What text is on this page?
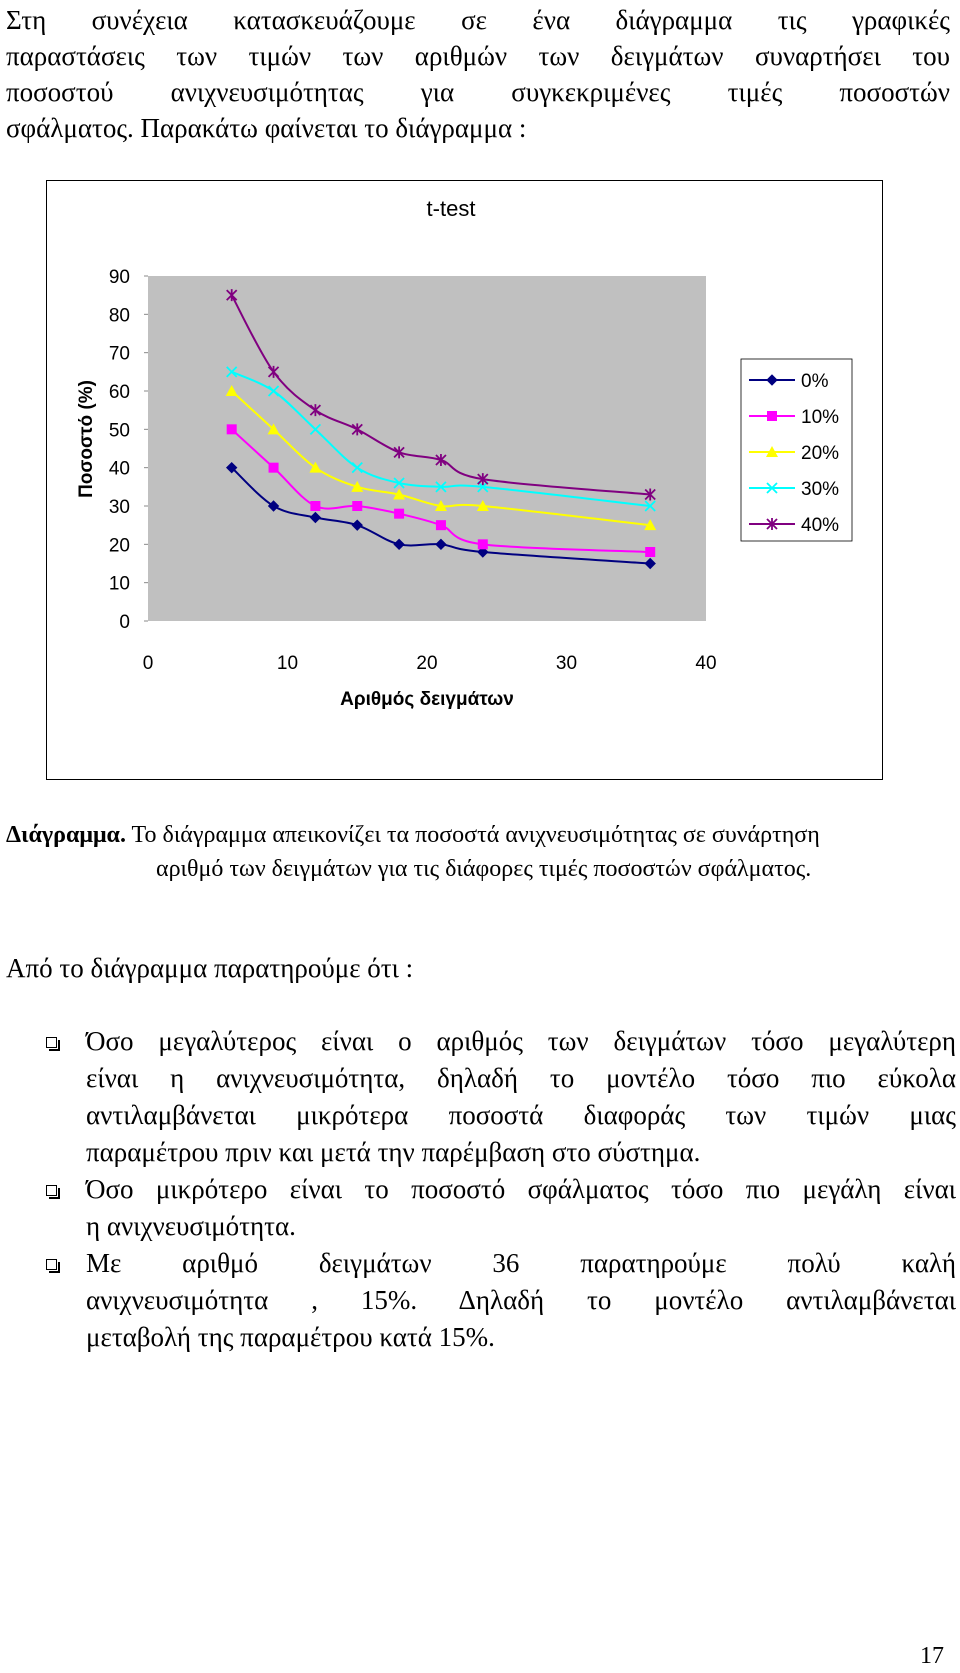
Στη συνέχεια κατασκευάζουμε σε ένα διάγραμμα τις γραφικές
παραστάσεις των τιμών των αριθμών των δειγμάτων συναρτήσει του
ποσοστού ανιχνευσιμότητας για συγκεκριμένες τιμές ποσοστών
σφάλματος. Παρακάτω φαίνεται το διάγραμμα :
t-test
0
10
20
30
40
50
60
70
80
90
0	10	20	30	40
Αριθμός δειγμάτων
Ποσοστό (%)	0%
10%
20%
30%
40%
Διάγραμμα. Το διάγραμμα απεικονίζει τα ποσοστά ανιχνευσιμότητας σε συνάρτηση
αριθμό των δειγμάτων για τις διάφορες τιμές ποσοστών σφάλματος.
Από το διάγραμμα παρατηρούμε ότι :
Όσο μεγαλύτερος είναι ο αριθμός των δειγμάτων τόσο μεγαλύτερη
είναι η ανιχνευσιμότητα, δηλαδή το μοντέλο τόσο πιο εύκολα
αντιλαμβάνεται μικρότερα ποσοστά διαφοράς των τιμών μιας
παραμέτρου πριν και μετά την παρέμβαση στο σύστημα.
Όσο μικρότερο είναι το ποσοστό σφάλματος τόσο πιο μεγάλη είναι
η ανιχνευσιμότητα.
Με αριθμό δειγμάτων 36 παρατηρούμε πολύ καλή
ανιχνευσιμότητα , 15%. Δηλαδή το μοντέλο αντιλαμβάνεται
μεταβολή της παραμέτρου κατά 15%.
17
